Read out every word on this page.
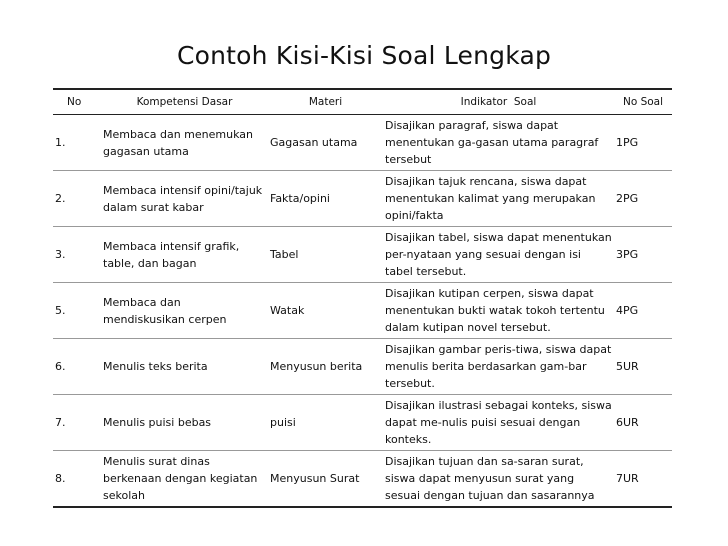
Contoh Kisi-Kisi Soal Lengkap
No	Kompetensi Dasar	Materi	Indikator  Soal	No Soal
1.	Membaca dan menemukan gagasan utama	Gagasan utama	Disajikan paragraf, siswa dapat menentukan ga-gasan utama paragraf tersebut	1PG
2.	Membaca intensif opini/tajuk dalam surat kabar	Fakta/opini	Disajikan tajuk rencana, siswa dapat menentukan kalimat yang merupakan opini/fakta	2PG
3.	Membaca intensif grafik, table, dan bagan	Tabel	Disajikan tabel, siswa dapat menentukan per-nyataan yang sesuai dengan isi tabel tersebut.	3PG
5.	Membaca dan mendiskusikan cerpen	Watak	Disajikan kutipan cerpen, siswa dapat menentukan bukti watak tokoh tertentu dalam kutipan novel tersebut.	4PG
6.	Menulis teks berita	Menyusun berita	Disajikan gambar peris-tiwa, siswa dapat menulis berita berdasarkan gam-bar tersebut.	5UR
7.	Menulis puisi bebas	puisi	Disajikan ilustrasi sebagai konteks, siswa dapat me-nulis puisi sesuai dengan konteks.	6UR
8.	Menulis surat dinas berkenaan dengan kegiatan sekolah	Menyusun Surat	Disajikan tujuan dan sa-saran surat, siswa dapat menyusun surat yang sesuai dengan tujuan dan sasarannya	7UR
